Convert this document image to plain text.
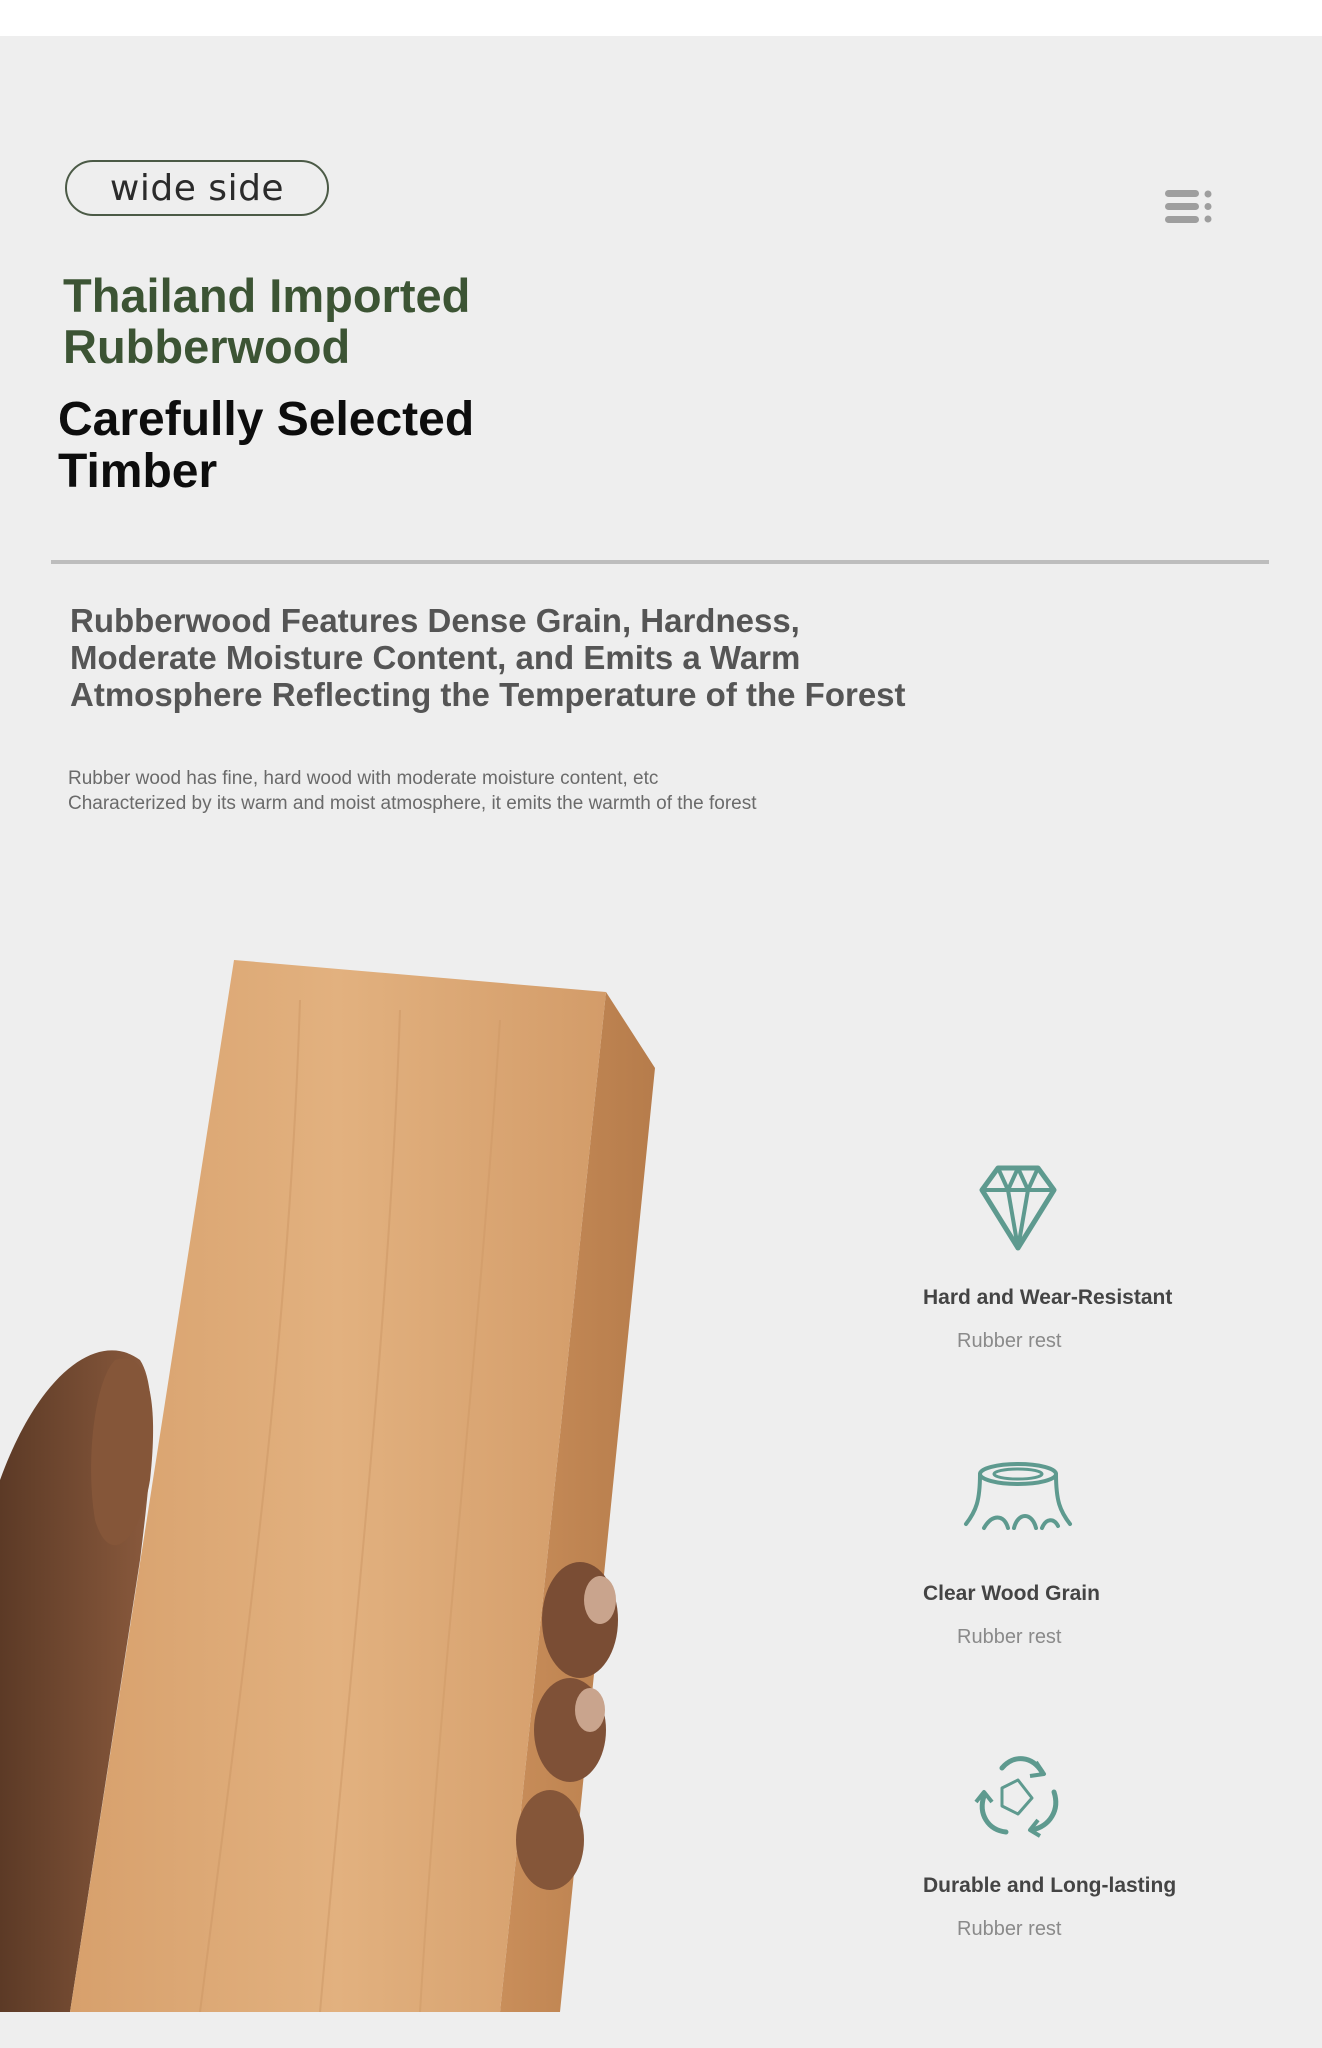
wide side
Thailand Imported
Rubberwood
Carefully Selected
Timber
Rubberwood Features Dense Grain, Hardness,
Moderate Moisture Content, and Emits a Warm
Atmosphere Reflecting the Temperature of the Forest
Rubber wood has fine, hard wood with moderate moisture content, etc
Characterized by its warm and moist atmosphere, it emits the warmth of the forest
Hard and Wear-Resistant
Rubber rest
Clear Wood Grain
Rubber rest
Durable and Long-lasting
Rubber rest
